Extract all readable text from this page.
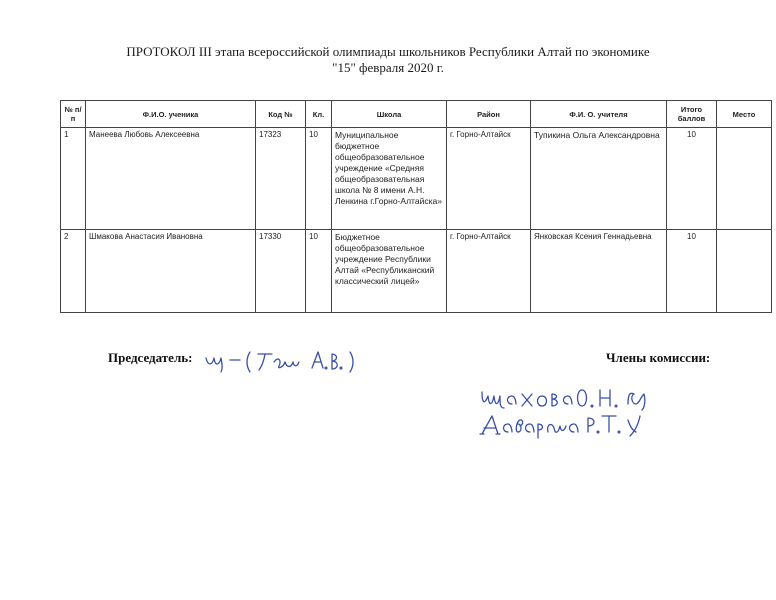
ПРОТОКОЛ III этапа всероссийской олимпиады школьников Республики Алтай по экономике
"15" февраля 2020 г.
№ п/п	Ф.И.О. ученика	Код №	Кл.	Школа	Район	Ф.И. О. учителя	Итого баллов	Место
1	Манеева Любовь Алексеевна	17323	10	Муниципальное бюджетное общеобразовательное учреждение «Средняя общеобразовательная школа № 8 имени А.Н. Ленкина г.Горно-Алтайска»	г. Горно-Алтайск	Тупикина Ольга Александровна	10	
2	Шмакова Анастасия Ивановна	17330	10	Бюджетное общеобразовательное учреждение Республики Алтай «Республиканский классический лицей»	г. Горно-Алтайск	Янковская Ксения Геннадьевна	10	
Председатель:	Члены комиссии:
